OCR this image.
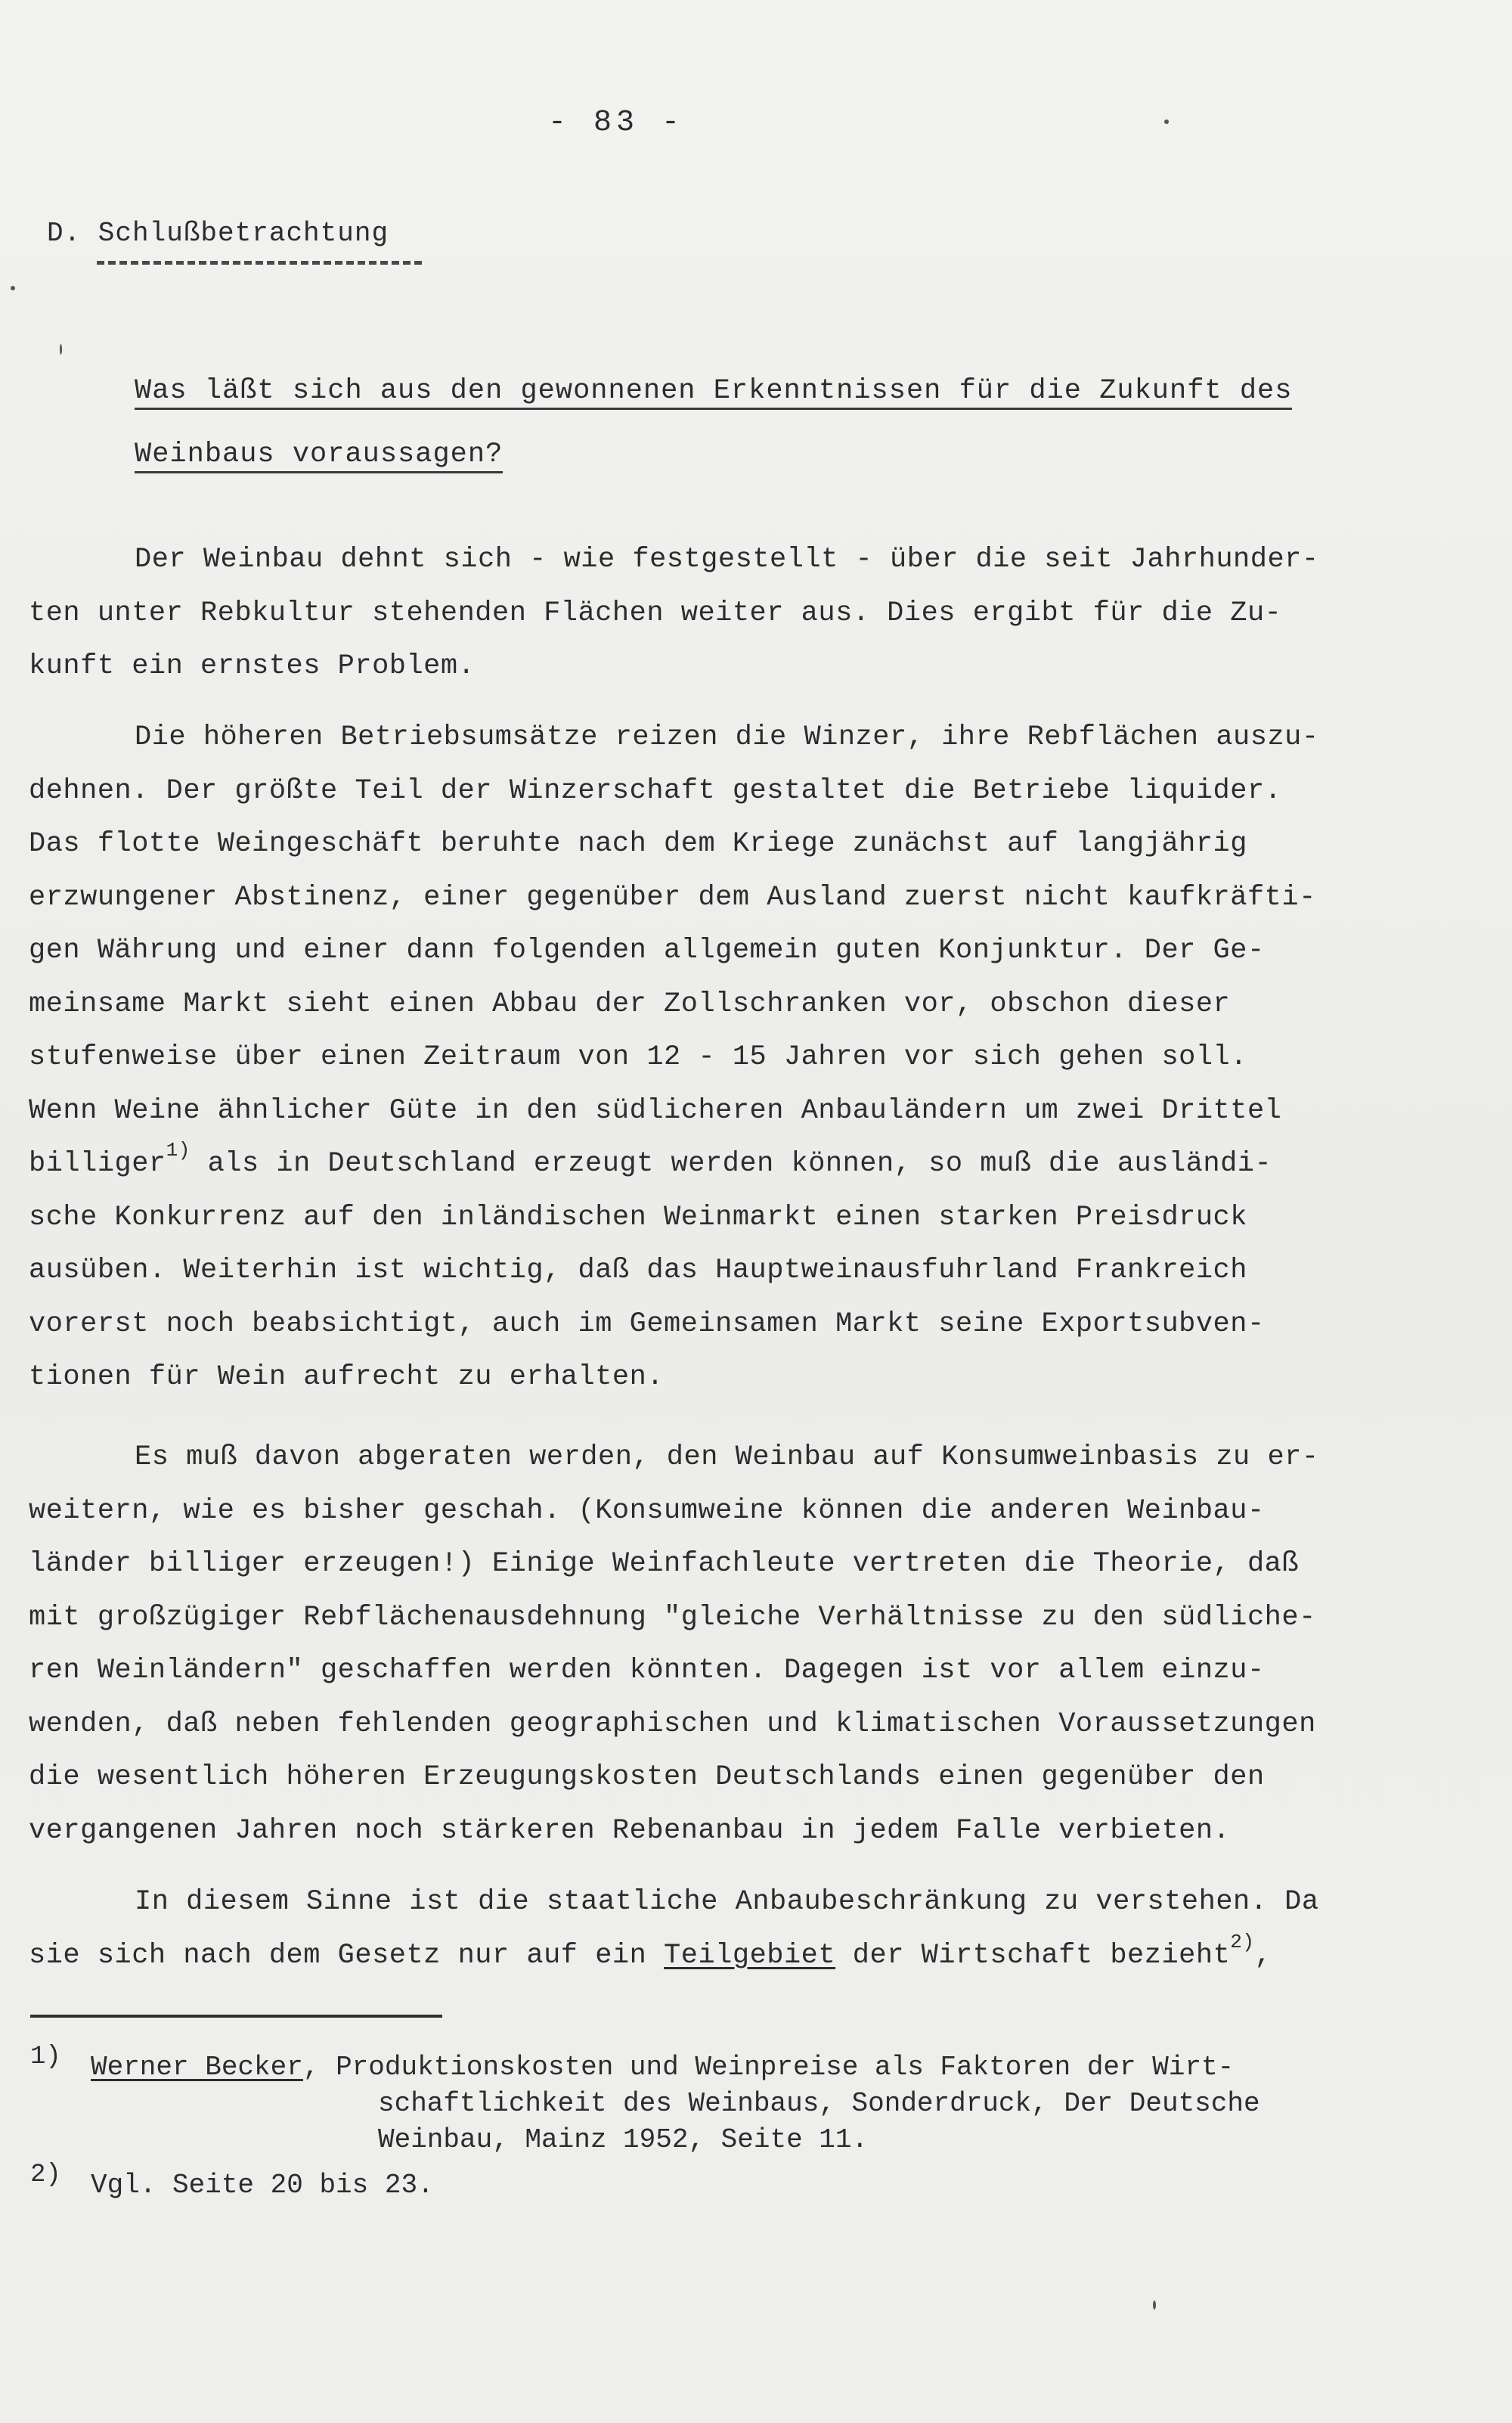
- 83 -
D. Schlußbetrachtung
Was läßt sich aus den gewonnenen Erkenntnissen für die Zukunft des
Weinbaus voraussagen?
Der Weinbau dehnt sich - wie festgestellt - über die seit Jahrhunder-
ten unter Rebkultur stehenden Flächen weiter aus. Dies ergibt für die Zu-
kunft ein ernstes Problem.
Die höheren Betriebsumsätze reizen die Winzer, ihre Rebflächen auszu-
dehnen. Der größte Teil der Winzerschaft gestaltet die Betriebe liquider.
Das flotte Weingeschäft beruhte nach dem Kriege zunächst auf langjährig
erzwungener Abstinenz, einer gegenüber dem Ausland zuerst nicht kaufkräfti-
gen Währung und einer dann folgenden allgemein guten Konjunktur. Der Ge-
meinsame Markt sieht einen Abbau der Zollschranken vor, obschon dieser
stufenweise über einen Zeitraum von 12 - 15 Jahren vor sich gehen soll.
Wenn Weine ähnlicher Güte in den südlicheren Anbauländern um zwei Drittel
billiger$^{1)}$ als in Deutschland erzeugt werden können, so muß die ausländi-
sche Konkurrenz auf den inländischen Weinmarkt einen starken Preisdruck
ausüben. Weiterhin ist wichtig, daß das Hauptweinausfuhrland Frankreich
vorerst noch beabsichtigt, auch im Gemeinsamen Markt seine Exportsubven-
tionen für Wein aufrecht zu erhalten.
Es muß davon abgeraten werden, den Weinbau auf Konsumweinbasis zu er-
weitern, wie es bisher geschah. (Konsumweine können die anderen Weinbau-
länder billiger erzeugen!) Einige Weinfachleute vertreten die Theorie, daß
mit großzügiger Rebflächenausdehnung "gleiche Verhältnisse zu den südliche-
ren Weinländern" geschaffen werden könnten. Dagegen ist vor allem einzu-
wenden, daß neben fehlenden geographischen und klimatischen Voraussetzungen
die wesentlich höheren Erzeugungskosten Deutschlands einen gegenüber den
vergangenen Jahren noch stärkeren Rebenanbau in jedem Falle verbieten.
In diesem Sinne ist die staatliche Anbaubeschränkung zu verstehen. Da
sie sich nach dem Gesetz nur auf ein Teilgebiet der Wirtschaft bezieht$^{2)}$,
1) Werner Becker, Produktionskosten und Weinpreise als Faktoren der Wirt-
schaftlichkeit des Weinbaus, Sonderdruck, Der Deutsche
Weinbau, Mainz 1952, Seite 11.
2) Vgl. Seite 20 bis 23.
